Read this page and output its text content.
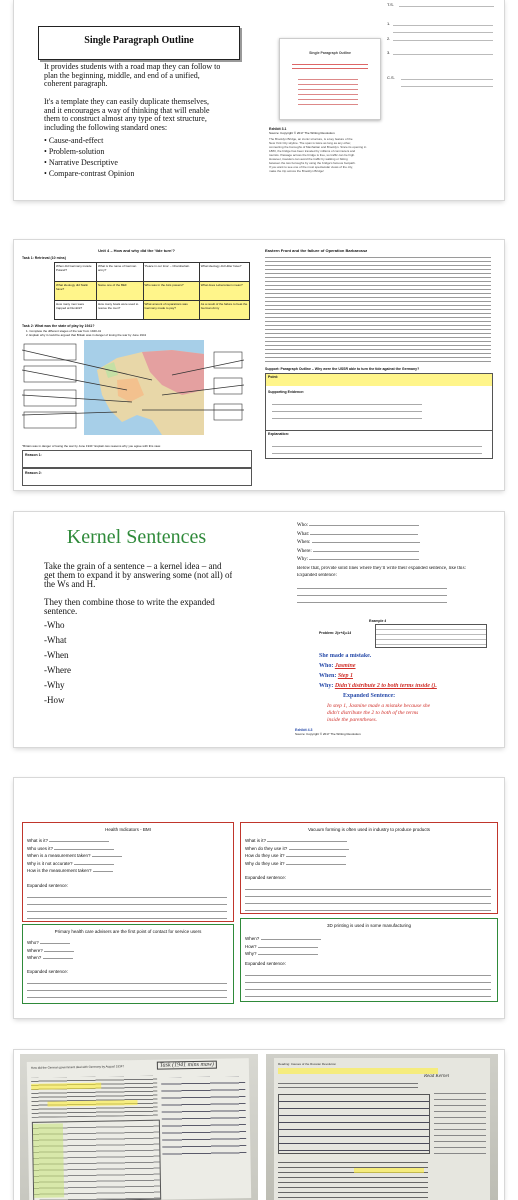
Single Paragraph Outline
It provides students with a road map they can follow to
plan the beginning, middle, and end of a unified,
coherent paragraph.
It's a template they can easily duplicate themselves,
and it encourages a way of thinking that will enable
them to construct almost any type of text structure,
including the following standard ones:
• Cause-and-effect
• Problem-solution
• Narrative Descriptive
• Compare-contrast Opinion
Single Paragraph Outline
Exhibit 3.1
Source: Copyright © 2017 The Writing Revolution.
The Brooklyn Bridge, an iconic structure, is a key feature of the
New York City skyline. The span is twice as long as any other,
connecting the boroughs of Manhattan and Brooklyn. Since its opening in
1883, the bridge has been traveled by millions of commuters and
tourists. Passage across the bridge is free, so traffic can be high.
However, travelers can avoid the traffic by walking or biking
between the two boroughs by using the bridge's famous footpath.
If you want to see one of the most spectacular views of the city,
make the trip across the Brooklyn Bridge!
T.S.
1.
2.
3.
C.S.
Unit 4 – How and why did the 'tide turn'?
Task 1: Retrieval (10 mins)
When did Germany invade Poland?	What is the name of German army?	'Peace in our time' – Chamberlain	What ideology did Hitler have?
What ideology did Stalin have?	Name one of the BEF	Who was in the Axis powers?	What does Lebensraum mean?
How many men were trapped at Dunkirk?	How many boats were used to rescue the men?	What amount of reparations was Germany made to pay?	As a result of the failure to beat the German Army
Task 2: What was the state of play by 1941?
1. Complete the different stages of the war from 1940-41
2. Explain why it could be argued that Britain was in danger of losing the war by June 1941
"Britain was in danger of losing the war by June 1941" Explain two reasons why you agree with this view.
Reason 1:
Reason 2:
Eastern Front and the failure of Operation Barbarossa
Support: Paragraph Outline – Why were the USSR able to turn the tide against the Germany?
Point:
Supporting Evidence:
Explanation:
Kernel Sentences
Take the grain of a sentence – a kernel idea – and
get them to expand it by answering some (not all) of
the Ws and H.
They then combine those to write the expanded
sentence.
-Who
-What
-When
-Where
-Why
-How
Who:
What:
When:
Where:
Why:
Below that, provide solid lines where they'll write their expanded sentence, like this:
Expanded sentence:
Example 4
Problem: 2(x+4)=14
She made a mistake.
Who: Jasmine
When: Step 1
Why: Didn't distribute 2 to both terms inside ().
Expanded Sentence:
In step 1, Jasmine made a mistake because she
didn't distribute the 2 to both of the terms
inside the parentheses.
Exhibit 4.3
Source: Copyright © 2017 The Writing Revolution.
Health Indicators - BMI
What is it?
Who uses it?
When is a measurement taken?
Why is it not accurate?
How is the measurement taken?
Expanded sentence:
Vacuum forming is often used in industry to produce products
What is it?
When do they use it?
How do they use it?
Why do they use it?
Expanded sentence:
Primary health care advisers are the first point of contact for service users
Who?
Where?
When?
Expanded sentence:
3D printing is used in some manufacturing
When?
How?
Why?
Expanded sentence:
How did the German government deal with Germany by August 1934?	Task (1941 mins maw)	Reading: Causes of the Russian Revolution
Read Kernel
